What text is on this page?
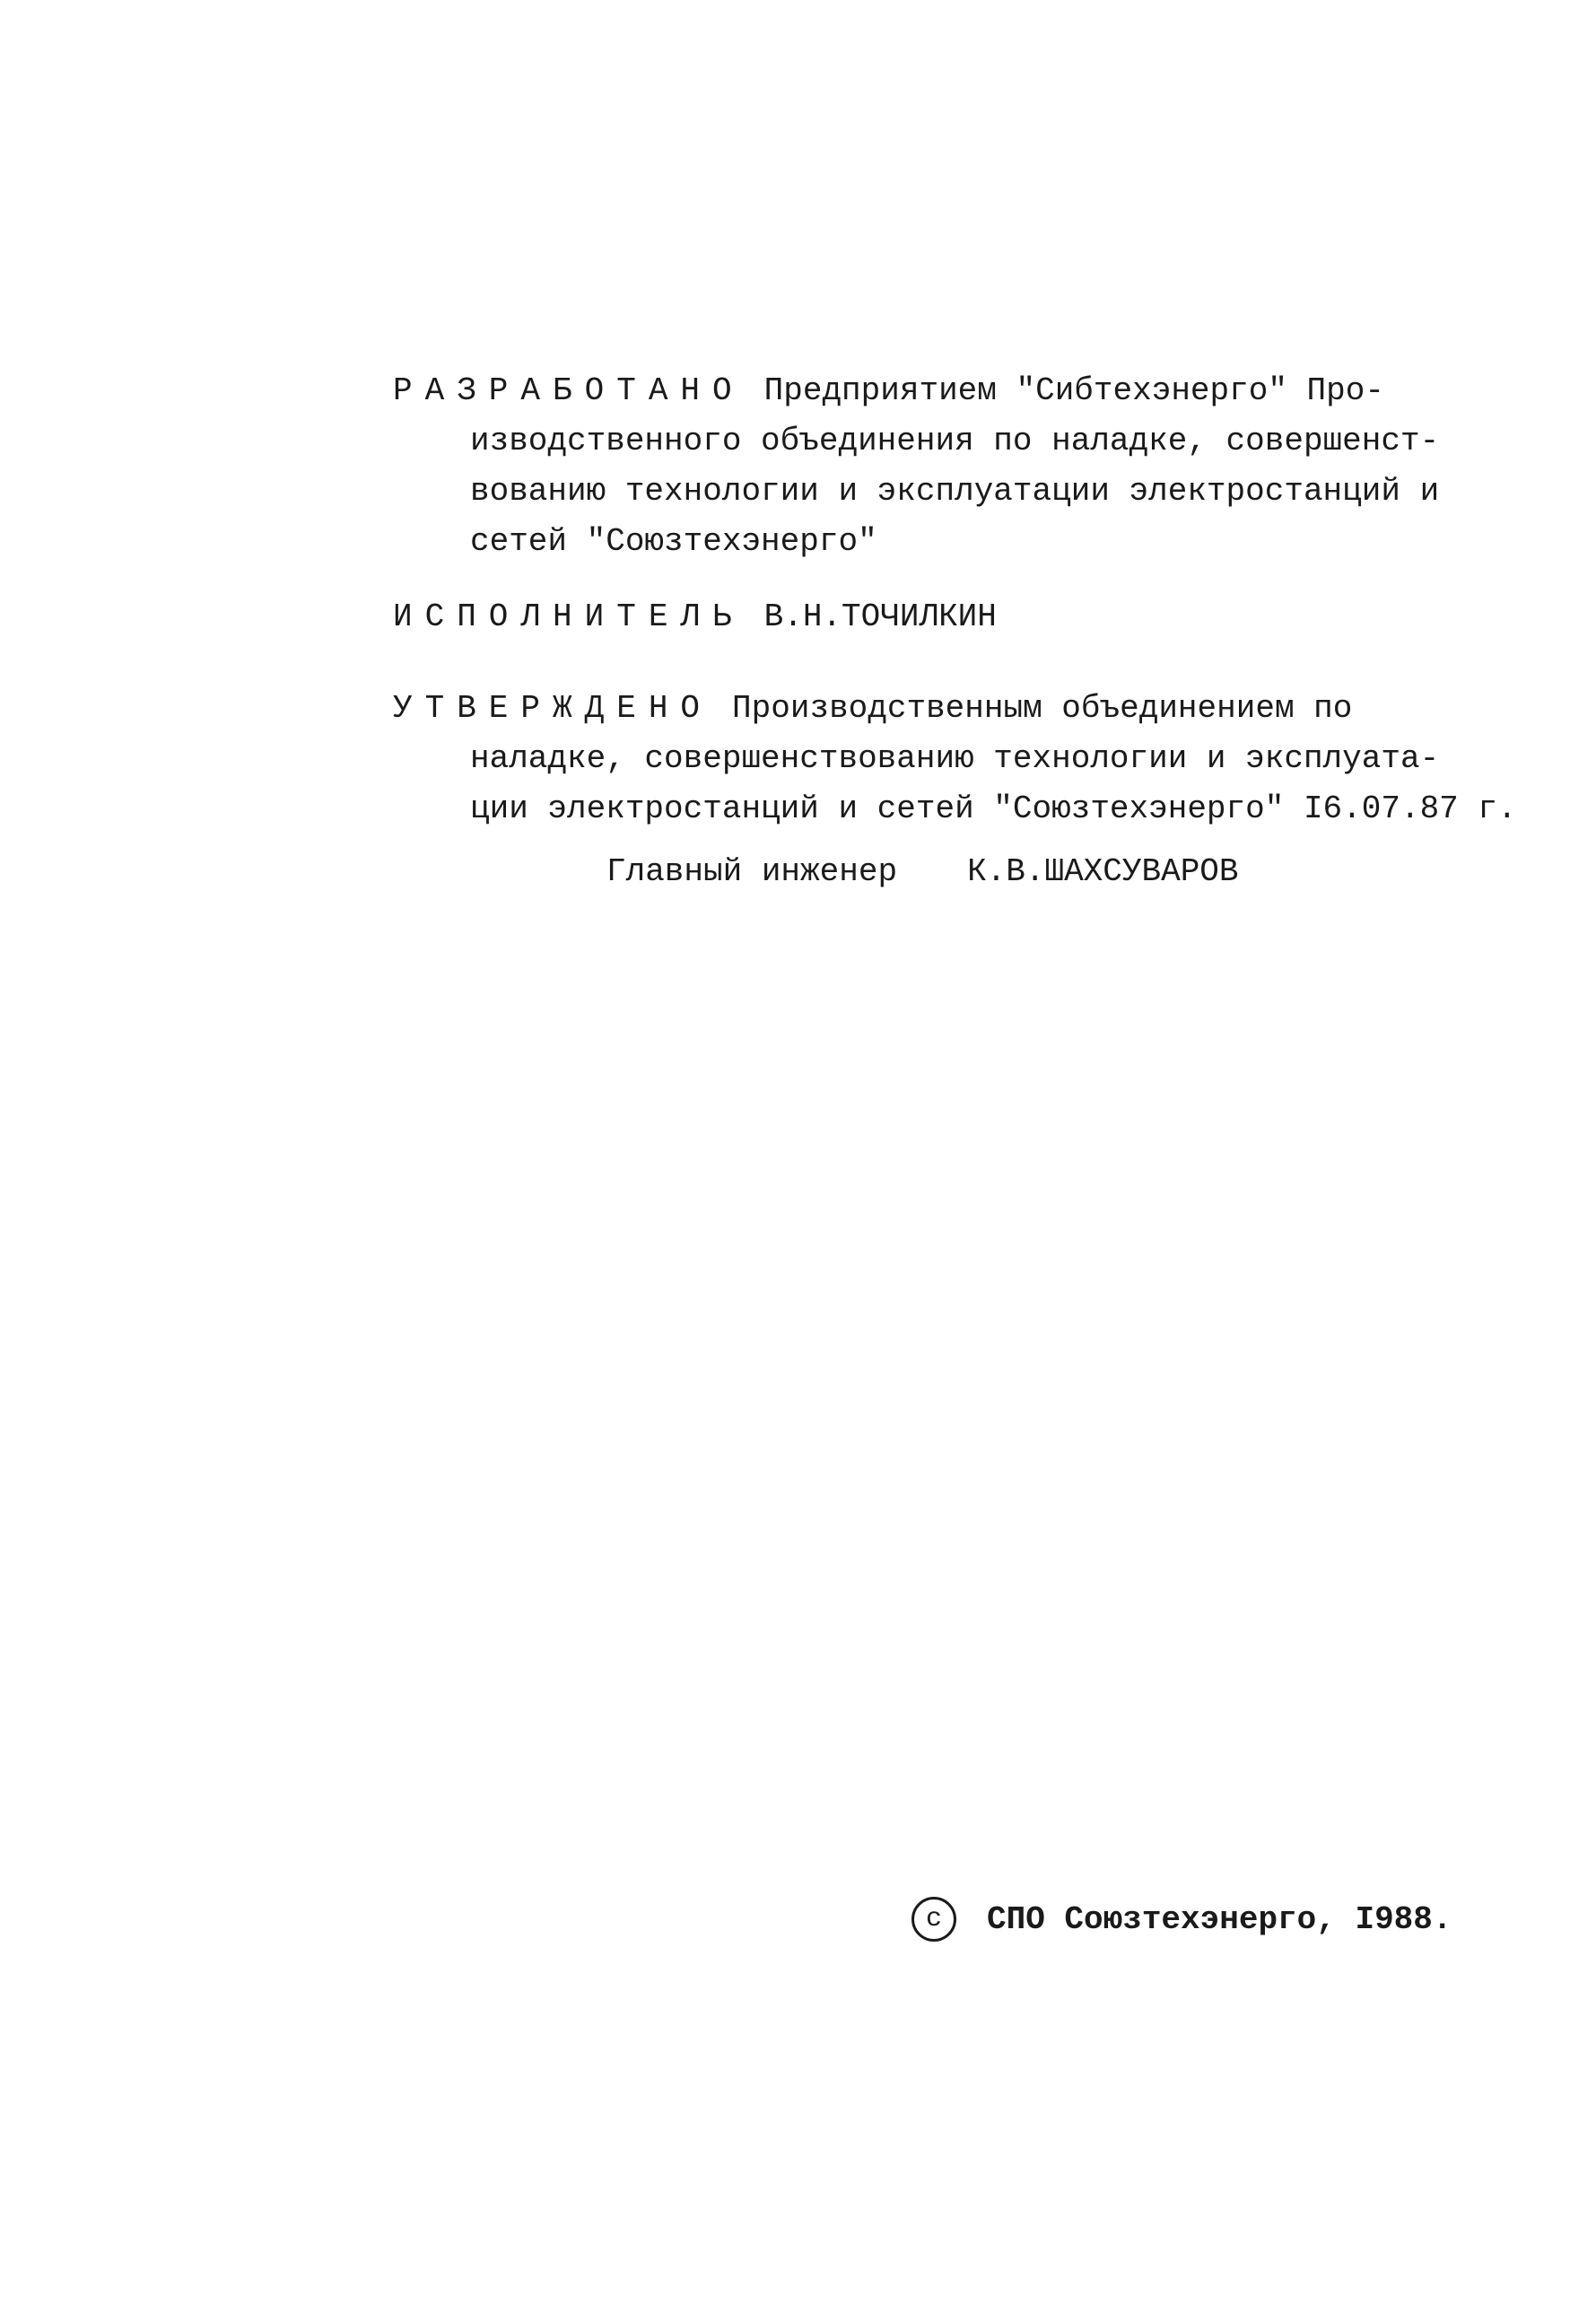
РАЗРАБОТАНО Предприятием "Сибтехэнерго" Про-
изводственного объединения по наладке, совершенст-
вованию технологии и эксплуатации электростанций и
сетей "Союзтехэнерго"
ИСПОЛНИТЕЛЬ В.Н.ТОЧИЛКИН
УТВЕРЖДЕНО Производственным объединением по
наладке, совершенствованию технологии и эксплуата-
ции электростанций и сетей "Союзтехэнерго" I6.07.87 г.
Главный инженер К.В.ШАХСУВАРОВ
c	СПО Союзтехэнерго, I988.
